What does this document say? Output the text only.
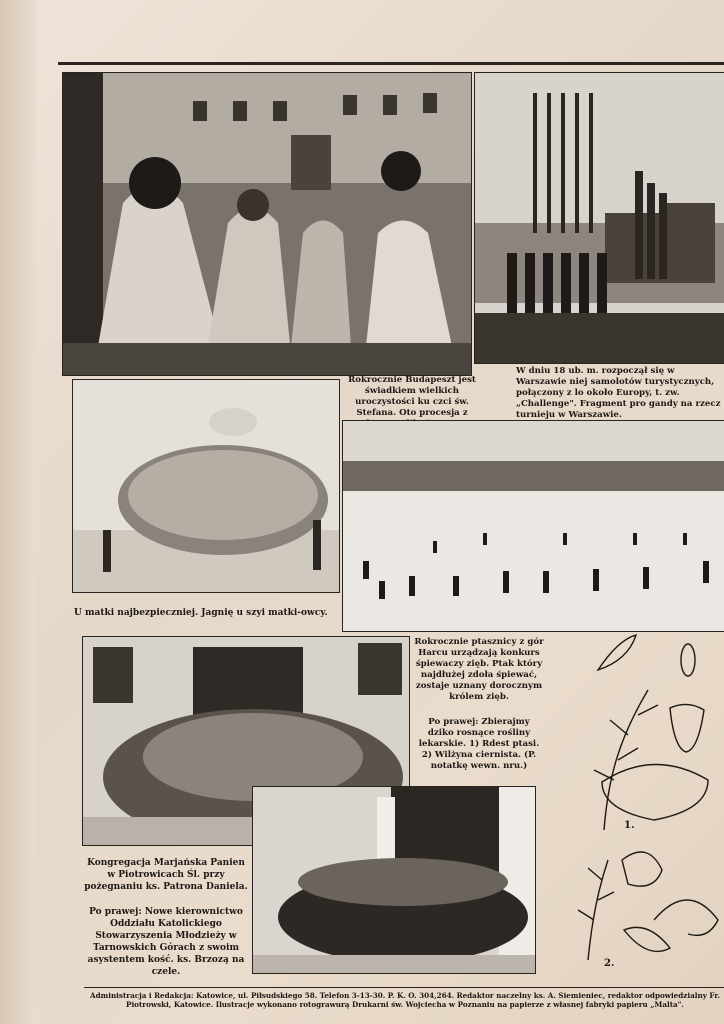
Rokrocznie Budapeszt jest świadkiem wielkich uroczystości ku czci św. Stefana. Oto procesja z

W dniu 18 ub. m. rozpoczął się w Warszawie niej samolotów turystycznych, połączony z lo około Europy, t. zw. „Challenge". Fragment pro gandy na rzecz turnieju w Warszawie.

U matki najbezpieczniej. Jagnię u szyi matki-owcy.

Rokrocznie ptasznicy z gór Harcu urządzają konkurs śpiewaczy zięb. Ptak który najdłużej zdoła śpiewać, zostaje uznany dorocznym królem zięb.

Po prawej: Zbierajmy dziko rosnące rośliny lekarskie. 1) Rdest ptasi. 2) Wilżyna ciernista. (P. notatkę wewn. nru.)

1.
2.

Kongregacja Marjańska Panien w Piotrowicach Śl. przy pożegnaniu ks. Patrona Daniela.

Po prawej: Nowe kierownictwo Oddziału Katolickiego Stowarzyszenia Młodzieży w Tarnowskich Górach z swoim asystentem kość. ks. Brzozą na czele.

Administracja i Redakcja: Katowice, ul. Piłsudskiego 58. Telefon 3-13-30. P. K. O. 304,264. Redaktor naczelny ks. A. Siemieniec, redaktor odpowiedzialny Fr. Piotrowski, Katowice. Ilustracje wykonano rotograwurą Drukarni św. Wojciecha w Poznaniu na papierze z własnej fabryki papieru „Malta".
